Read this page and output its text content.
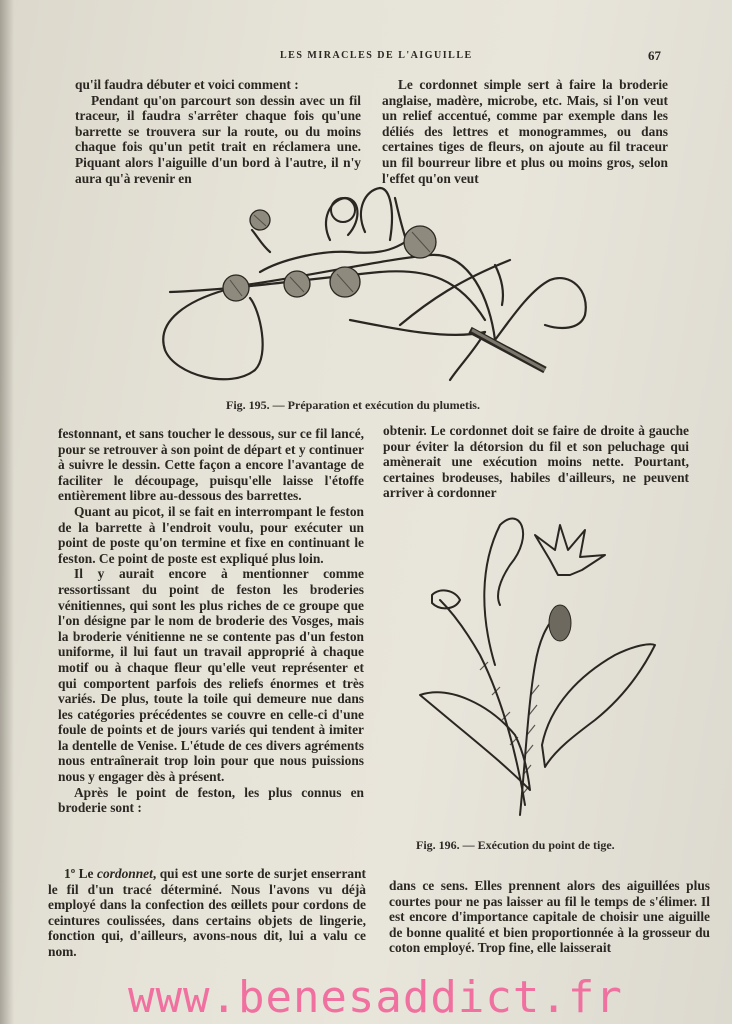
LES MIRACLES DE L'AIGUILLE	67

qu'il faudra débuter et voici comment :

Pendant qu'on parcourt son dessin avec un fil traceur, il faudra s'arrêter chaque fois qu'une barrette se trouvera sur la route, ou du moins chaque fois qu'un petit trait en réclamera une. Piquant alors l'aiguille d'un bord à l'autre, il n'y aura qu'à revenir en

Le cordonnet simple sert à faire la broderie anglaise, madère, microbe, etc. Mais, si l'on veut un relief accentué, comme par exemple dans les déliés des lettres et monogrammes, ou dans certaines tiges de fleurs, on ajoute au fil traceur un fil bourreur libre et plus ou moins gros, selon l'effet qu'on veut

Fig. 195. — Préparation et exécution du plumetis.

festonnant, et sans toucher le dessous, sur ce fil lancé, pour se retrouver à son point de départ et y continuer à suivre le dessin. Cette façon a encore l'avantage de faciliter le découpage, puisqu'elle laisse l'étoffe entièrement libre au-dessous des barrettes.

Quant au picot, il se fait en interrompant le feston de la barrette à l'endroit voulu, pour exécuter un point de poste qu'on termine et fixe en continuant le feston. Ce point de poste est expliqué plus loin.

Il y aurait encore à mentionner comme ressortissant du point de feston les broderies vénitiennes, qui sont les plus riches de ce groupe que l'on désigne par le nom de broderie des Vosges, mais la broderie vénitienne ne se contente pas d'un feston uniforme, il lui faut un travail approprié à chaque motif ou à chaque fleur qu'elle veut représenter et qui comportent parfois des reliefs énormes et très variés. De plus, toute la toile qui demeure nue dans les catégories précédentes se couvre en celle-ci d'une foule de points et de jours variés qui tendent à imiter la dentelle de Venise. L'étude de ces divers agréments nous entraînerait trop loin pour que nous puissions nous y engager dès à présent.

Après le point de feston, les plus connus en broderie sont :

obtenir. Le cordonnet doit se faire de droite à gauche pour éviter la détorsion du fil et son peluchage qui amènerait une exécution moins nette. Pourtant, certaines brodeuses, habiles d'ailleurs, ne peuvent arriver à cordonner

Fig. 196. — Exécution du point de tige.

1º Le cordonnet, qui est une sorte de surjet enserrant le fil d'un tracé déterminé. Nous l'avons vu déjà employé dans la confection des œillets pour cordons de ceintures coulissées, dans certains objets de lingerie, fonction qui, d'ailleurs, avons-nous dit, lui a valu ce nom.

dans ce sens. Elles prennent alors des aiguillées plus courtes pour ne pas laisser au fil le temps de s'élimer. Il est encore d'importance capitale de choisir une aiguille de bonne qualité et bien proportionnée à la grosseur du coton employé. Trop fine, elle laisserait

www.benesaddict.fr
